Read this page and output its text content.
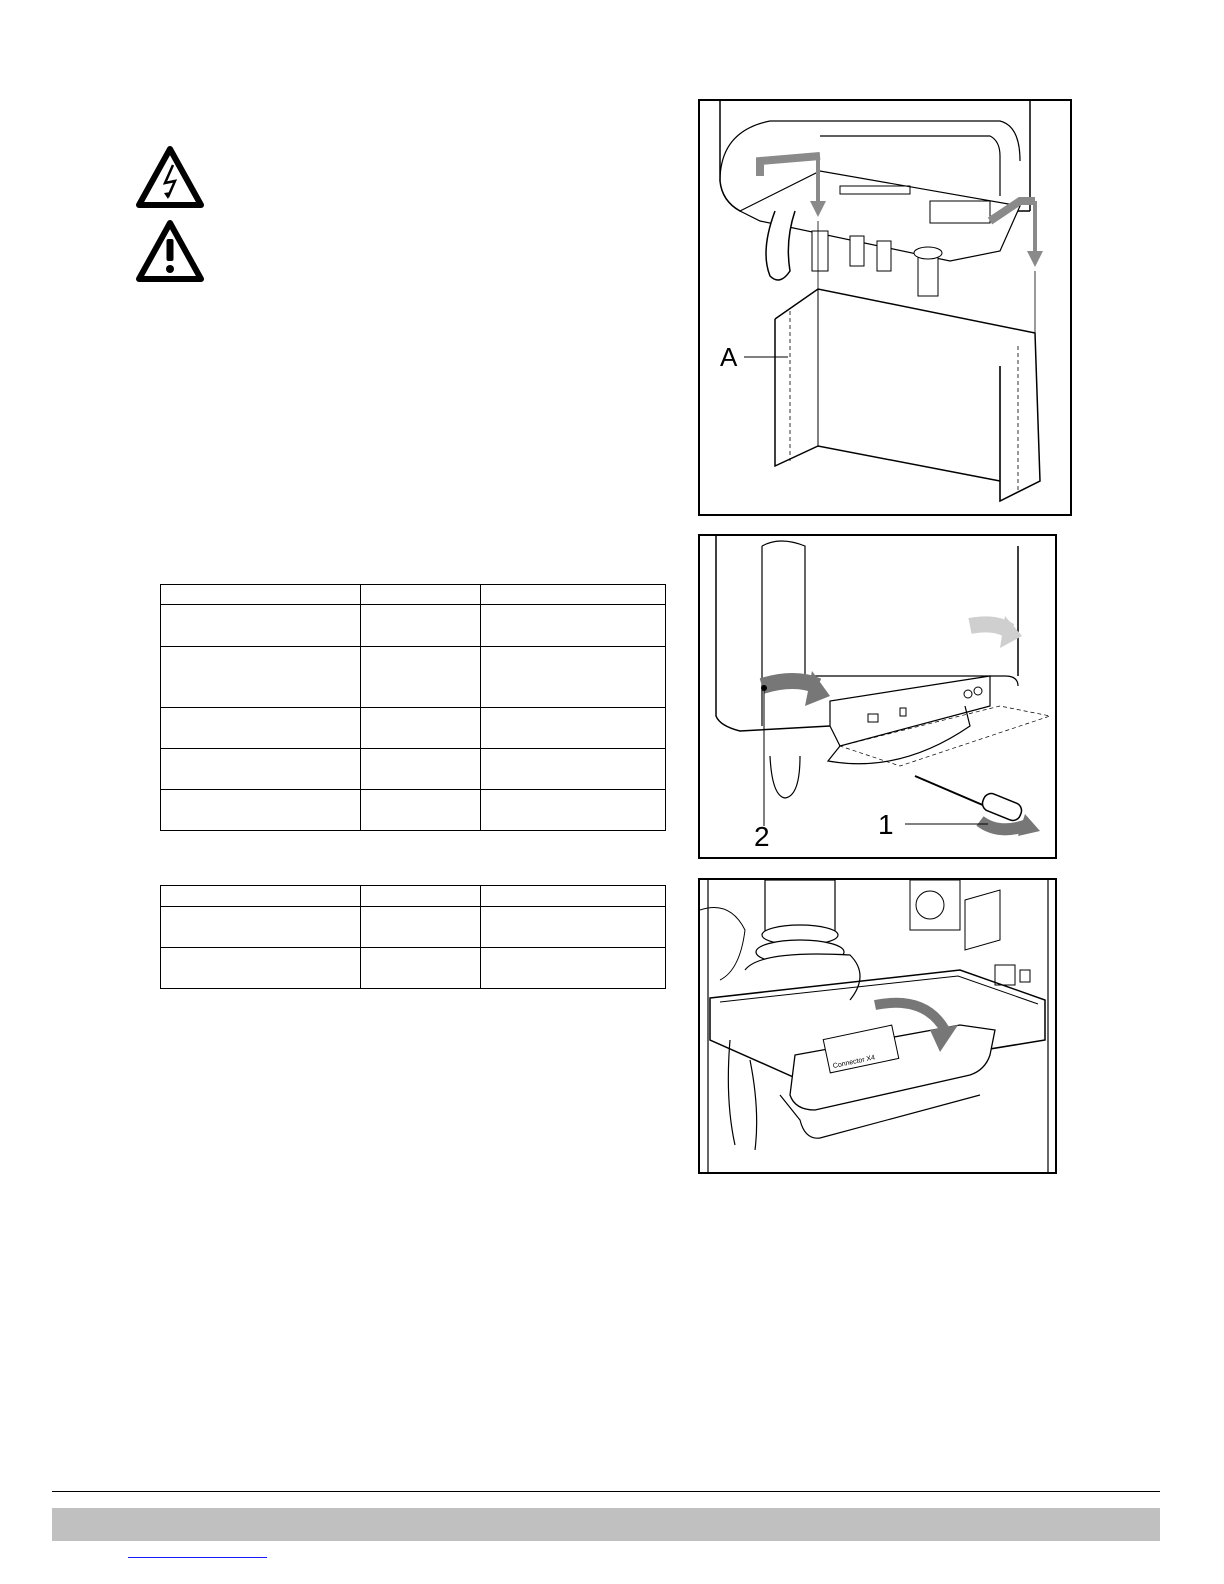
A
1
2
Connector X4
